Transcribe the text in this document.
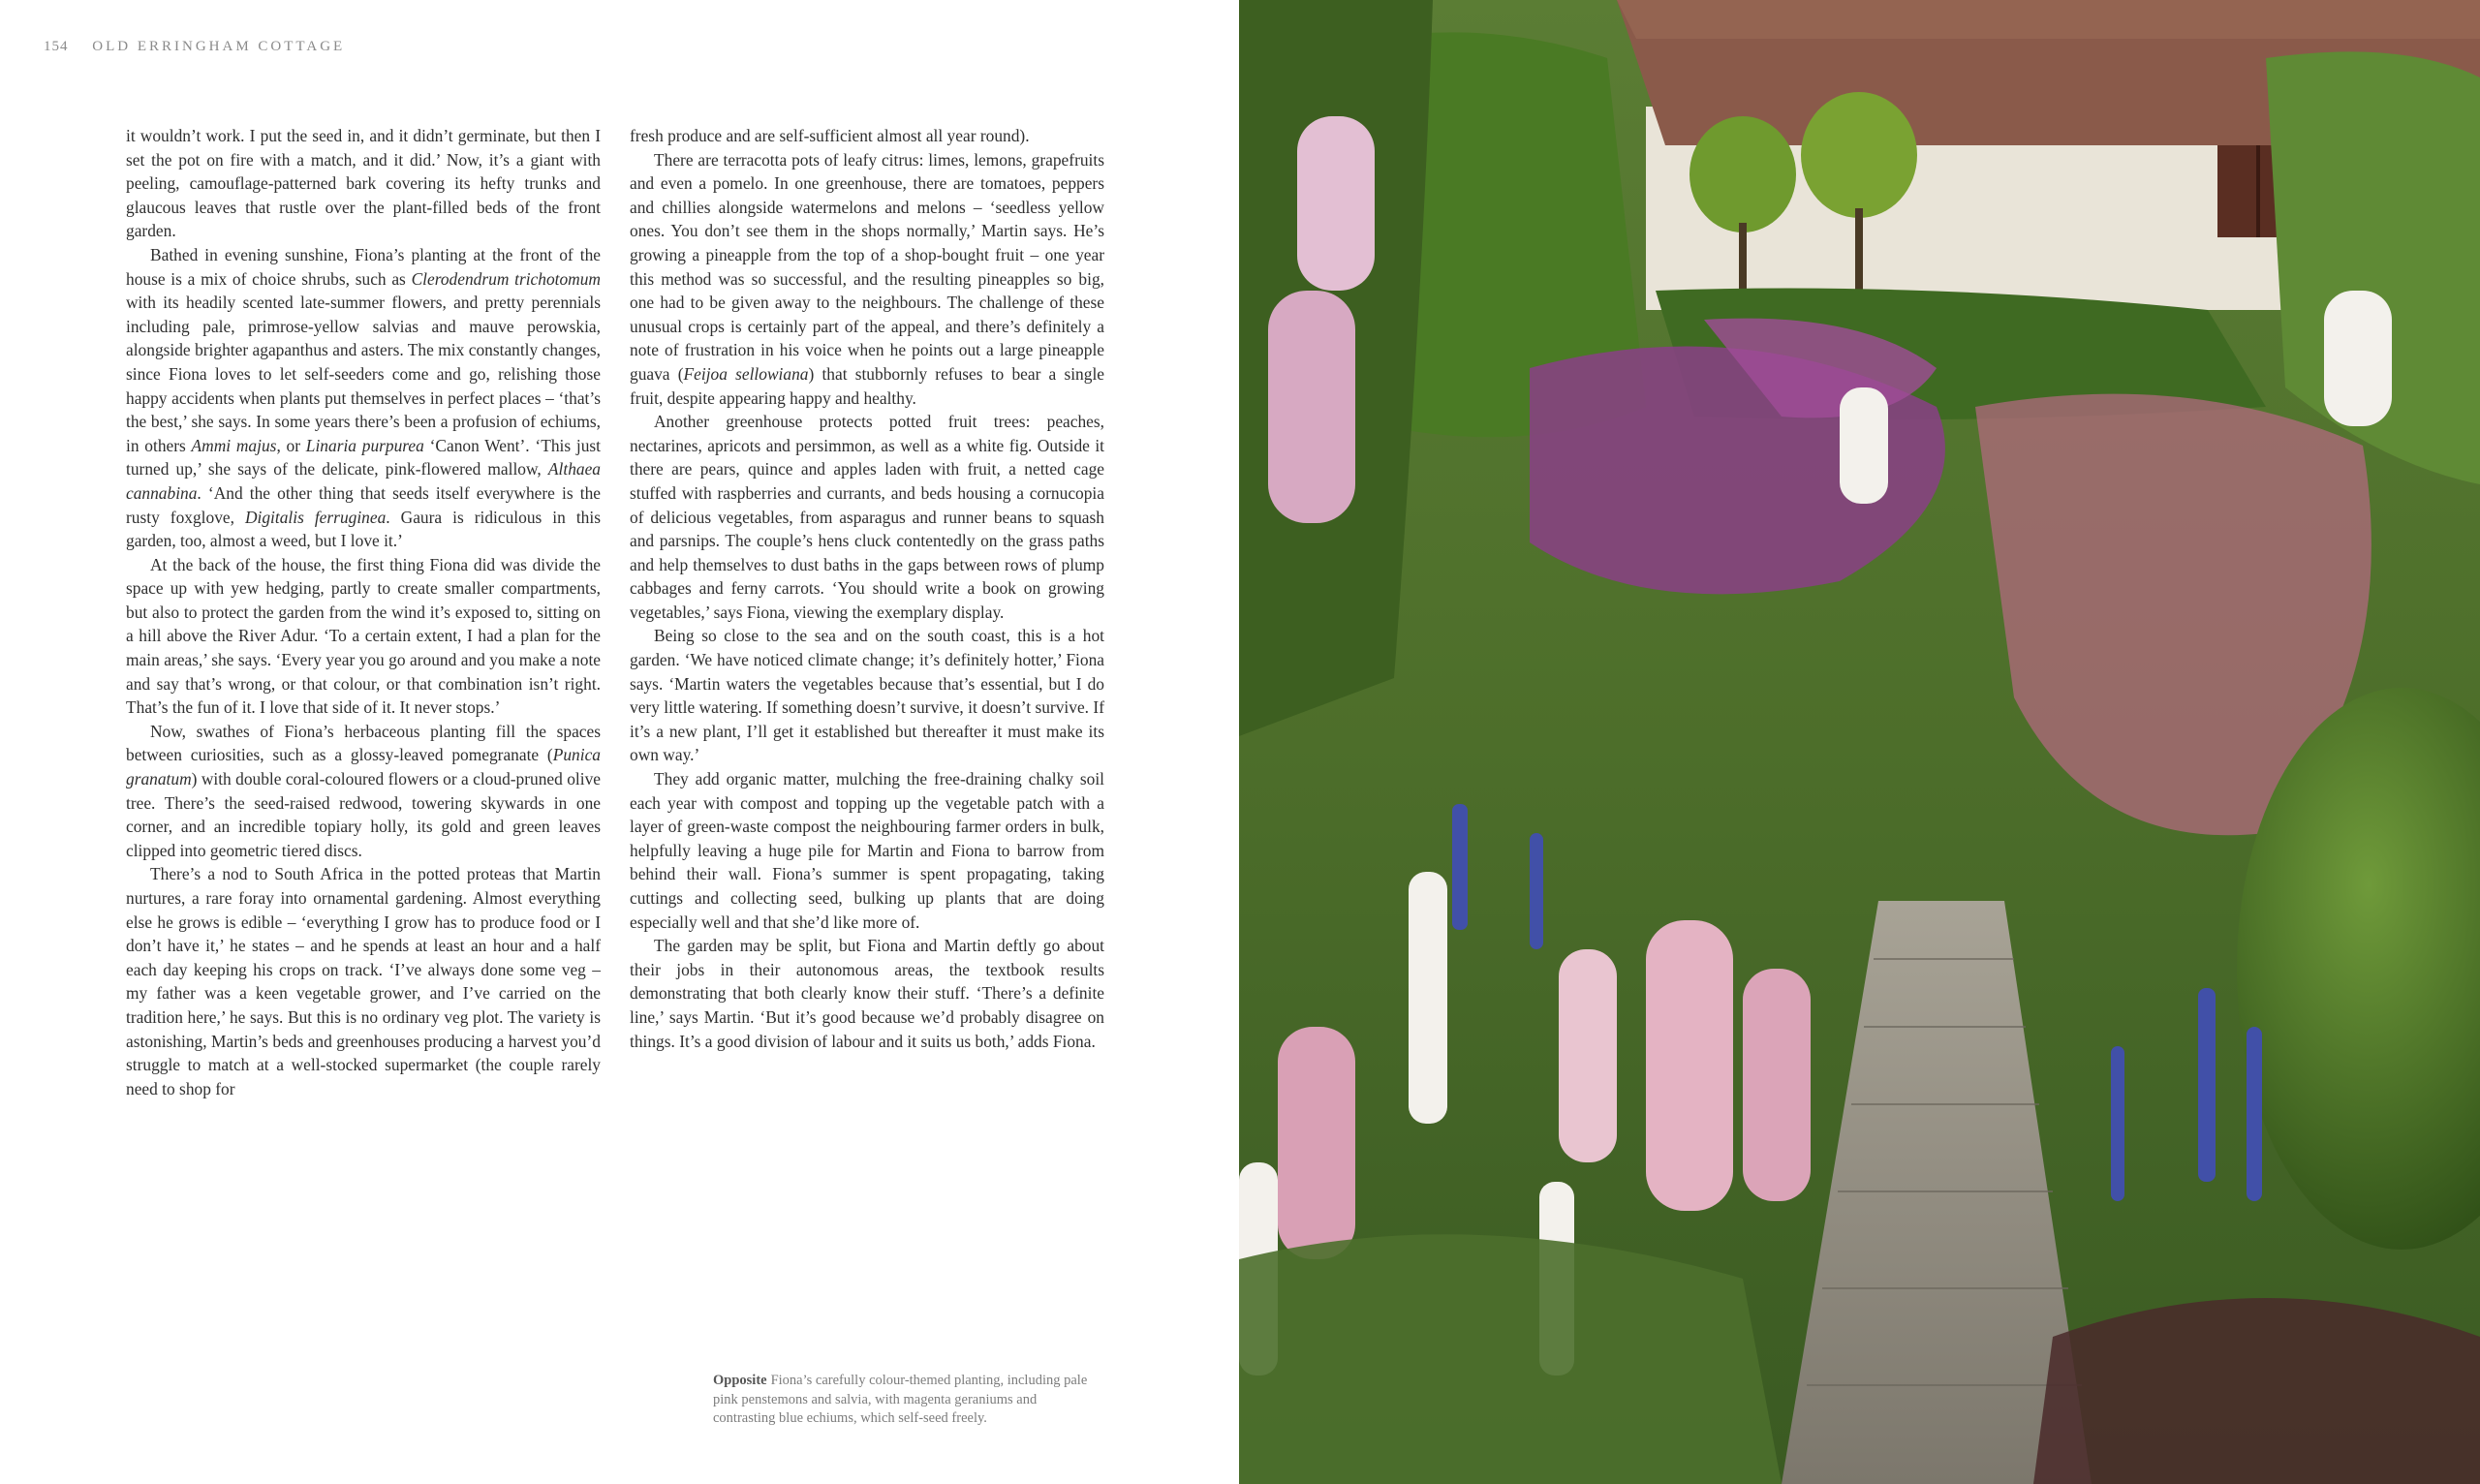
154 OLD ERRINGHAM COTTAGE

it wouldn’t work. I put the seed in, and it didn’t germinate, but then I set the pot on fire with a match, and it did.’ Now, it’s a giant with peeling, camouflage-patterned bark covering its hefty trunks and glaucous leaves that rustle over the plant-filled beds of the front garden.

Bathed in evening sunshine, Fiona’s planting at the front of the house is a mix of choice shrubs, such as Clerodendrum trichotomum with its headily scented late-summer flowers, and pretty perennials including pale, primrose-yellow salvias and mauve perowskia, alongside brighter agapanthus and asters. The mix constantly changes, since Fiona loves to let self-seeders come and go, relishing those happy accidents when plants put themselves in perfect places – ‘that’s the best,’ she says. In some years there’s been a profusion of echiums, in others Ammi majus, or Linaria purpurea ‘Canon Went’. ‘This just turned up,’ she says of the delicate, pink-flowered mallow, Althaea cannabina. ‘And the other thing that seeds itself everywhere is the rusty foxglove, Digitalis ferruginea. Gaura is ridiculous in this garden, too, almost a weed, but I love it.’

At the back of the house, the first thing Fiona did was divide the space up with yew hedging, partly to create smaller compartments, but also to protect the garden from the wind it’s exposed to, sitting on a hill above the River Adur. ‘To a certain extent, I had a plan for the main areas,’ she says. ‘Every year you go around and you make a note and say that’s wrong, or that colour, or that combination isn’t right. That’s the fun of it. I love that side of it. It never stops.’

Now, swathes of Fiona’s herbaceous planting fill the spaces between curiosities, such as a glossy-leaved pomegranate (Punica granatum) with double coral-coloured flowers or a cloud-pruned olive tree. There’s the seed-raised redwood, towering skywards in one corner, and an incredible topiary holly, its gold and green leaves clipped into geometric tiered discs.

There’s a nod to South Africa in the potted proteas that Martin nurtures, a rare foray into ornamental gardening. Almost everything else he grows is edible – ‘everything I grow has to produce food or I don’t have it,’ he states – and he spends at least an hour and a half each day keeping his crops on track. ‘I’ve always done some veg – my father was a keen vegetable grower, and I’ve carried on the tradition here,’ he says. But this is no ordinary veg plot. The variety is astonishing, Martin’s beds and greenhouses producing a harvest you’d struggle to match at a well-stocked supermarket (the couple rarely need to shop for

fresh produce and are self-sufficient almost all year round).

There are terracotta pots of leafy citrus: limes, lemons, grapefruits and even a pomelo. In one greenhouse, there are tomatoes, peppers and chillies alongside watermelons and melons – ‘seedless yellow ones. You don’t see them in the shops normally,’ Martin says. He’s growing a pineapple from the top of a shop-bought fruit – one year this method was so successful, and the resulting pineapples so big, one had to be given away to the neighbours. The challenge of these unusual crops is certainly part of the appeal, and there’s definitely a note of frustration in his voice when he points out a large pineapple guava (Feijoa sellowiana) that stubbornly refuses to bear a single fruit, despite appearing happy and healthy.

Another greenhouse protects potted fruit trees: peaches, nectarines, apricots and persimmon, as well as a white fig. Outside it there are pears, quince and apples laden with fruit, a netted cage stuffed with raspberries and currants, and beds housing a cornucopia of delicious vegetables, from asparagus and runner beans to squash and parsnips. The couple’s hens cluck contentedly on the grass paths and help themselves to dust baths in the gaps between rows of plump cabbages and ferny carrots. ‘You should write a book on growing vegetables,’ says Fiona, viewing the exemplary display.

Being so close to the sea and on the south coast, this is a hot garden. ‘We have noticed climate change; it’s definitely hotter,’ Fiona says. ‘Martin waters the vegetables because that’s essential, but I do very little watering. If something doesn’t survive, it doesn’t survive. If it’s a new plant, I’ll get it established but thereafter it must make its own way.’

They add organic matter, mulching the free-draining chalky soil each year with compost and topping up the vegetable patch with a layer of green-waste compost the neighbouring farmer orders in bulk, helpfully leaving a huge pile for Martin and Fiona to barrow from behind their wall. Fiona’s summer is spent propagating, taking cuttings and collecting seed, bulking up plants that are doing especially well and that she’d like more of.

The garden may be split, but Fiona and Martin deftly go about their jobs in their autonomous areas, the textbook results demonstrating that both clearly know their stuff. ‘There’s a definite line,’ says Martin. ‘But it’s good because we’d probably disagree on things. It’s a good division of labour and it suits us both,’ adds Fiona.

Opposite Fiona’s carefully colour-themed planting, including pale pink penstemons and salvia, with magenta geraniums and contrasting blue echiums, which self-seed freely.
